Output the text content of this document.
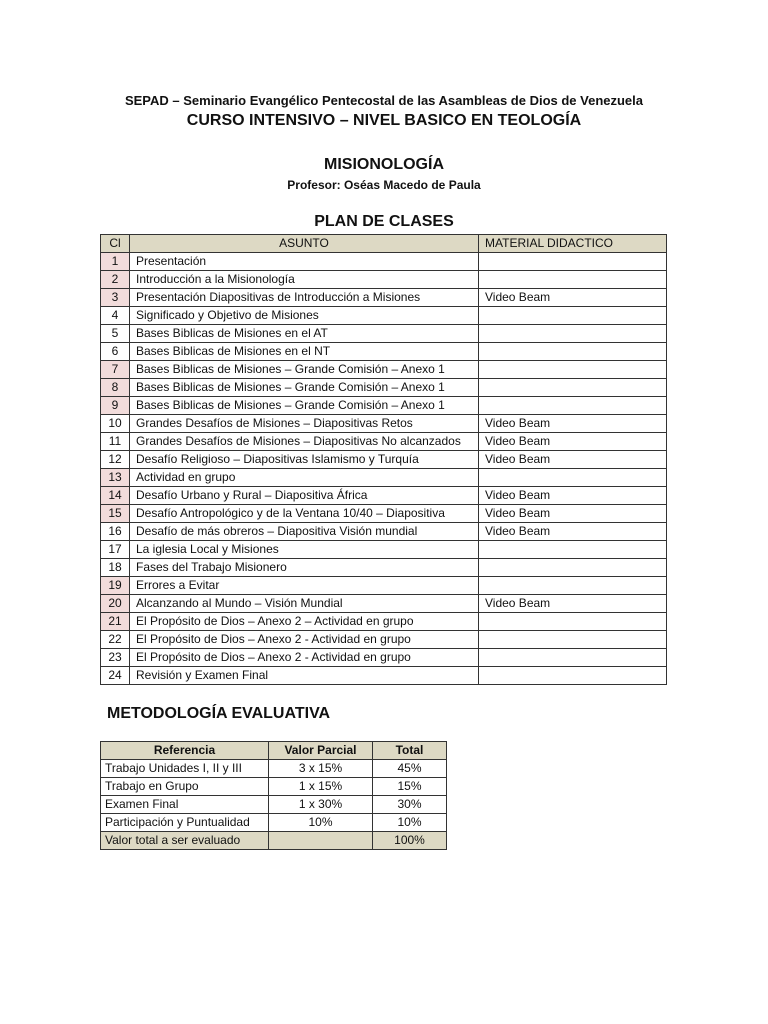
SEPAD – Seminario Evangélico Pentecostal de las Asambleas de Dios de Venezuela
CURSO INTENSIVO – NIVEL BASICO EN TEOLOGÍA
MISIONOLOGÍA
Profesor: Oséas Macedo de Paula
PLAN DE CLASES
Cl	ASUNTO	MATERIAL DIDACTICO
1	Presentación	
2	Introducción a la Misionología	
3	Presentación Diapositivas de Introducción a Misiones	Video Beam
4	Significado y Objetivo de Misiones	
5	Bases Biblicas de Misiones en el AT	
6	Bases Biblicas de Misiones en el NT	
7	Bases Biblicas de Misiones – Grande Comisión – Anexo 1	
8	Bases Biblicas de Misiones – Grande Comisión – Anexo 1	
9	Bases Biblicas de Misiones – Grande Comisión – Anexo 1	
10	Grandes Desafíos de Misiones – Diapositivas Retos	Video Beam
11	Grandes Desafíos de Misiones – Diapositivas No alcanzados	Video Beam
12	Desafío Religioso – Diapositivas Islamismo y Turquía	Video Beam
13	Actividad en grupo	
14	Desafío Urbano y Rural – Diapositiva África	Video Beam
15	Desafío Antropológico y de la Ventana 10/40 – Diapositiva	Video Beam
16	Desafío de más obreros – Diapositiva Visión mundial	Video Beam
17	La iglesia Local y Misiones	
18	Fases del Trabajo Misionero	
19	Errores a Evitar	
20	Alcanzando al Mundo – Visión Mundial	Video Beam
21	El Propósito de Dios – Anexo 2 – Actividad en grupo	
22	El Propósito de Dios – Anexo 2 - Actividad en grupo	
23	El Propósito de Dios – Anexo 2 - Actividad en grupo	
24	Revisión y Examen Final	
METODOLOGÍA EVALUATIVA
Referencia	Valor Parcial	Total
Trabajo Unidades I, II y III	3 x 15%	45%
Trabajo en Grupo	1 x 15%	15%
Examen Final	1 x 30%	30%
Participación y Puntualidad	10%	10%
Valor total a ser evaluado		100%
